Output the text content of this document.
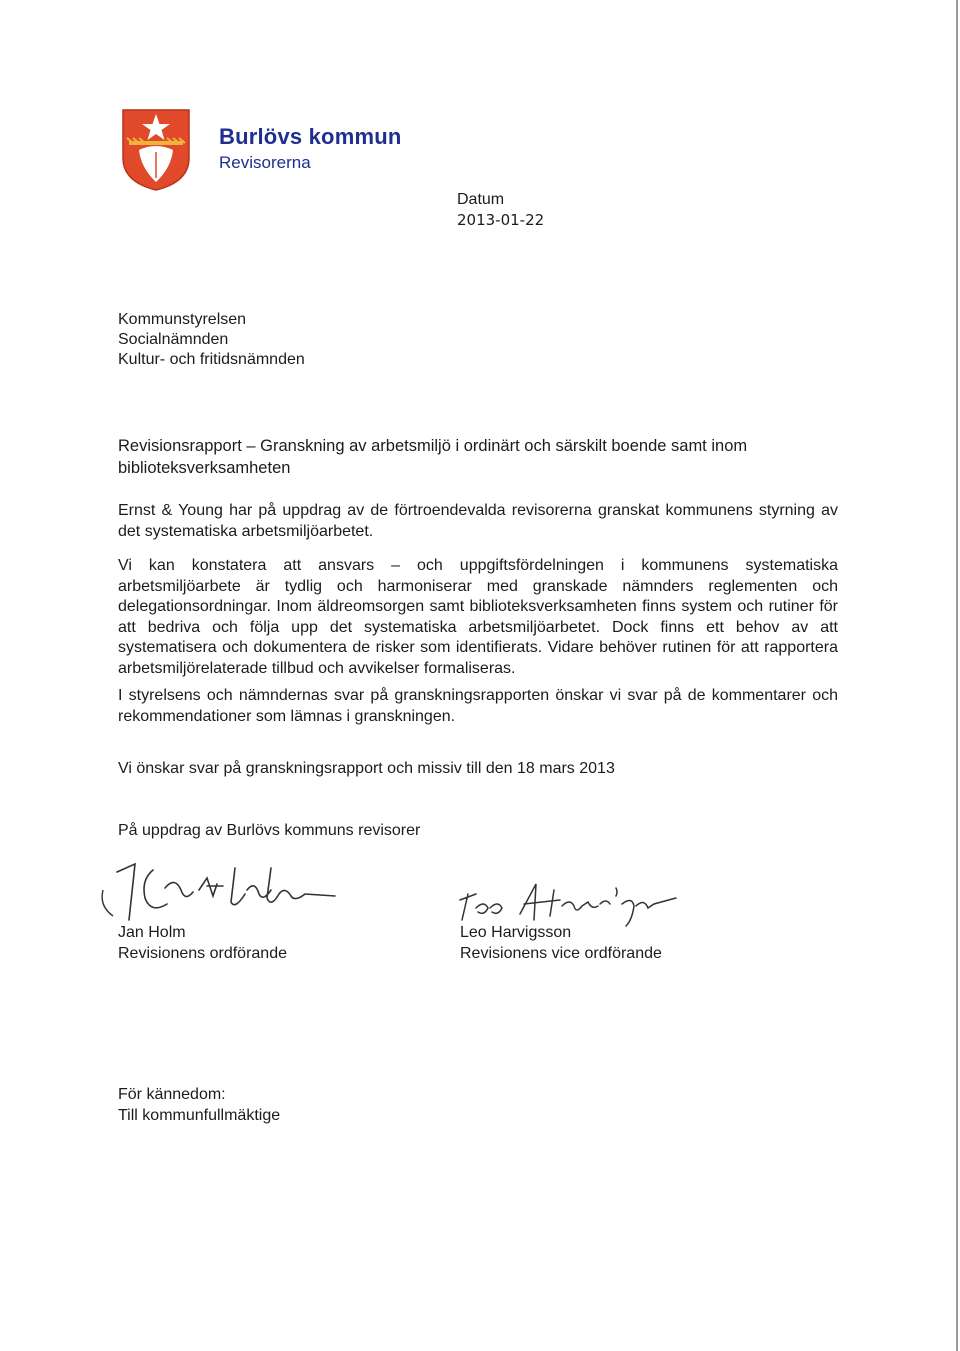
Burlövs kommun
Revisorerna
Datum
2013-01-22
Kommunstyrelsen
Socialnämnden
Kultur- och fritidsnämnden
Revisionsrapport – Granskning av arbetsmiljö i ordinärt och särskilt boende samt inom biblioteksverksamheten
Ernst & Young har på uppdrag av de förtroendevalda revisorerna granskat kommunens styrning av det systematiska arbetsmiljöarbetet.
Vi kan konstatera att ansvars – och uppgiftsfördelningen i kommunens systematiska arbetsmiljöarbete är tydlig och harmoniserar med granskade nämnders reglementen och delegationsordningar. Inom äldreomsorgen samt biblioteksverksamheten finns system och rutiner för att bedriva och följa upp det systematiska arbetsmiljöarbetet. Dock finns ett behov av att systematisera och dokumentera de risker som identifierats. Vidare behöver rutinen för att rapportera arbetsmiljörelaterade tillbud och avvikelser formaliseras.
I styrelsens och nämndernas svar på granskningsrapporten önskar vi svar på de kommentarer och rekommendationer som lämnas i granskningen.
Vi önskar svar på granskningsrapport och missiv till den 18 mars 2013
På uppdrag av Burlövs kommuns revisorer
Jan Holm
Revisionens ordförande
Leo Harvigsson
Revisionens vice ordförande
För kännedom:
Till kommunfullmäktige
